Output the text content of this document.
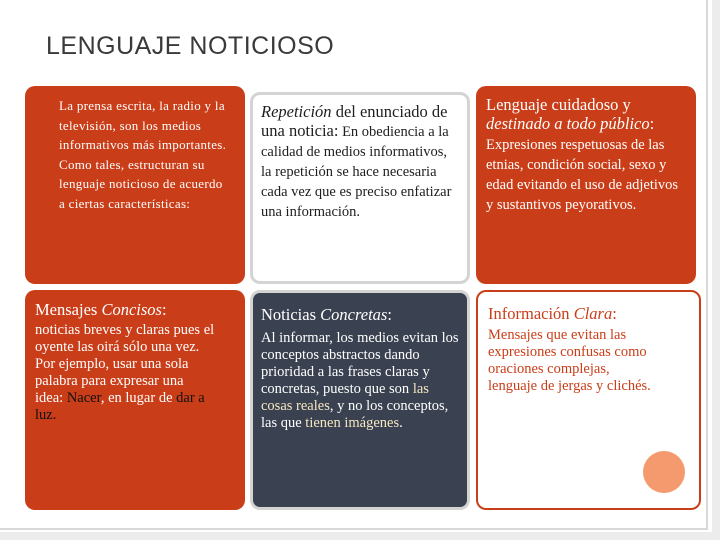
LENGUAJE NOTICIOSO

La prensa escrita, la radio y la televisión, son los medios informativos más importantes. Como tales, estructuran su lenguaje noticioso de acuerdo a ciertas características:

Repetición del enunciado de una noticia: En obediencia a la calidad de medios informativos, la repetición se hace necesaria cada vez que es preciso enfatizar una información.
Lenguaje cuidadoso y destinado a todo público: Expresiones respetuosas de las etnias, condición social, sexo y edad evitando el uso de adjetivos y sustantivos peyorativos.
Mensajes Concisos:
noticias breves y claras pues el oyente las oirá sólo una vez. Por ejemplo, usar una sola palabra para expresar una idea: Nacer, en lugar de dar a luz.
Noticias Concretas:
Al informar, los medios evitan los conceptos abstractos dando prioridad a las frases claras y concretas, puesto que son las cosas reales, y no los conceptos, las que tienen imágenes.
Información Clara:
Mensajes que evitan las expresiones confusas como oraciones complejas, lenguaje de jergas y clichés.
